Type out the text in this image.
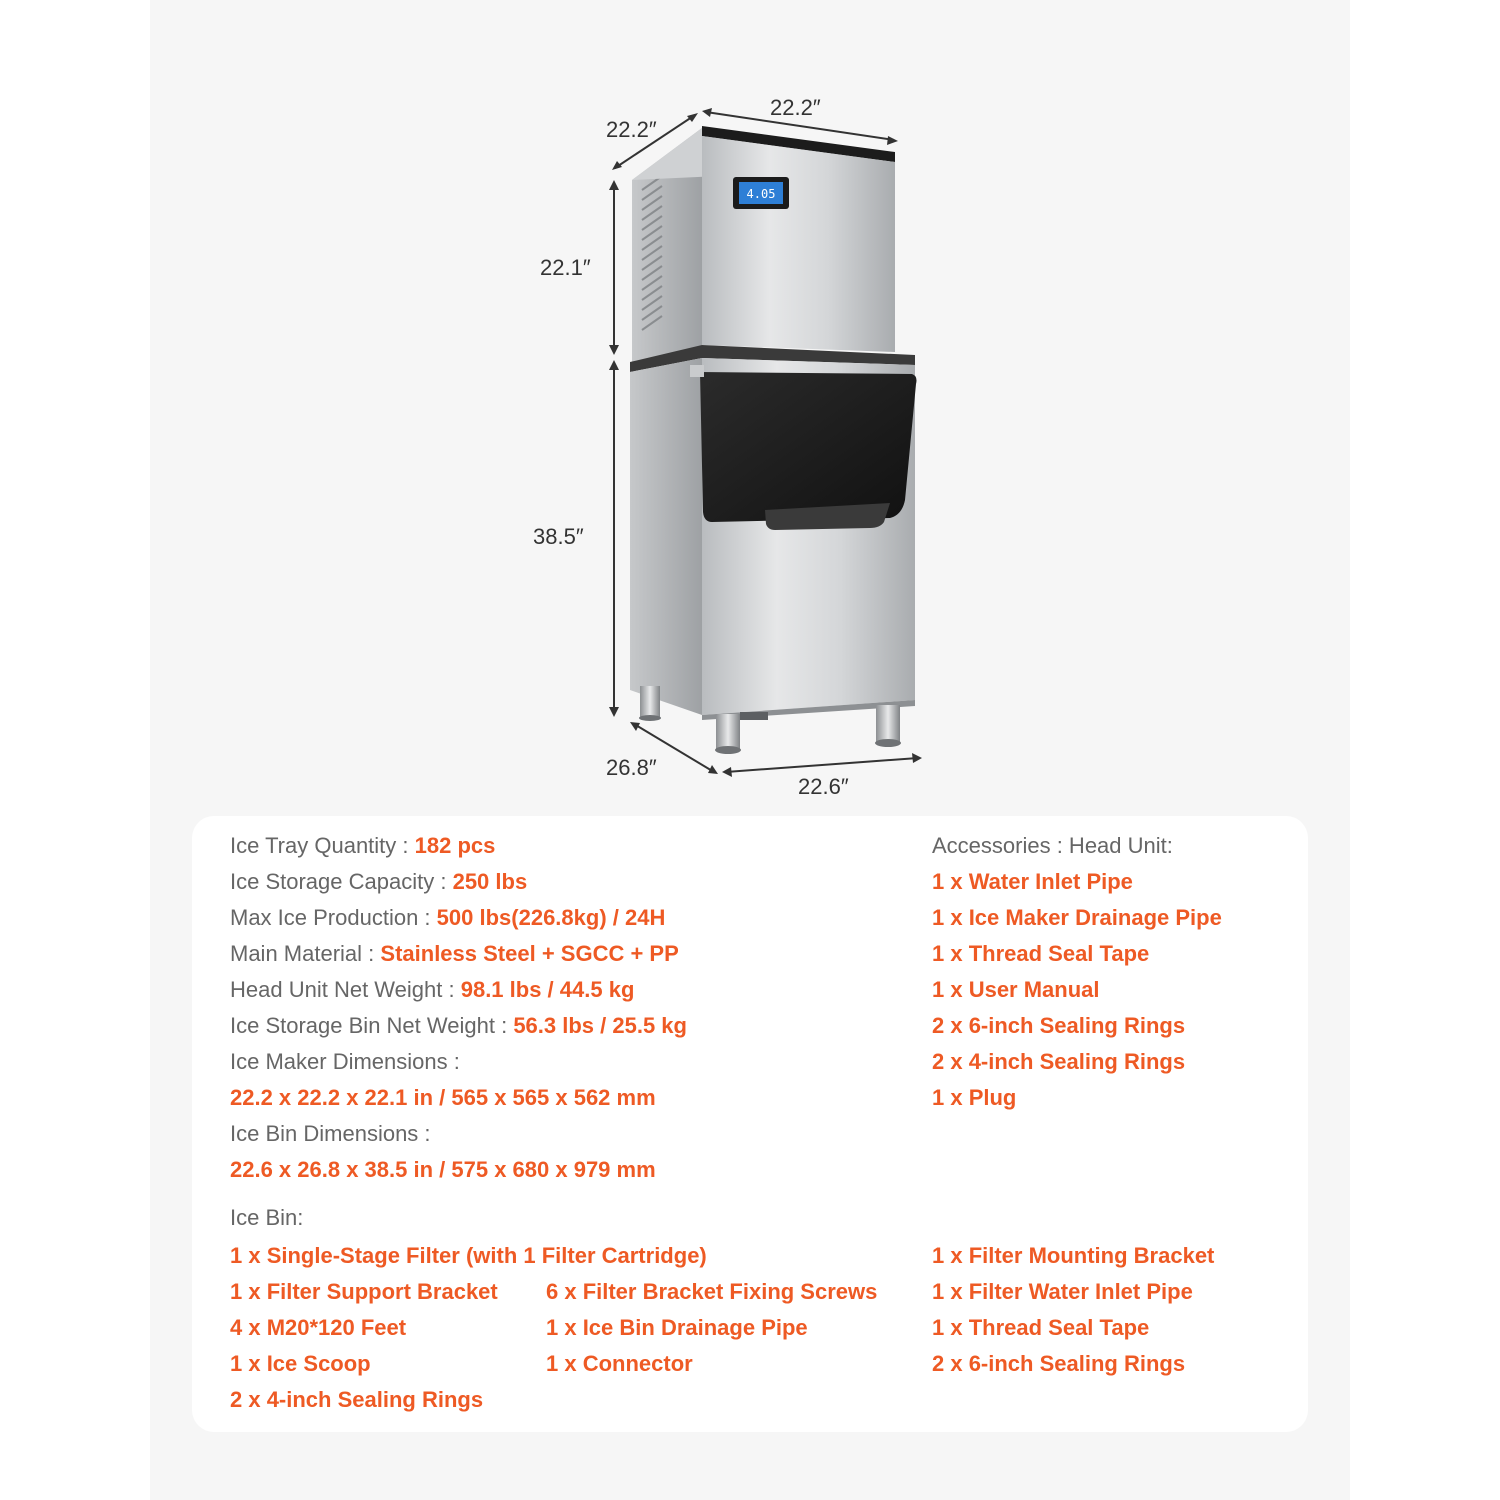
4.05
22.2″
22.2″
22.1″
38.5″
26.8″
22.6″
Ice Tray Quantity : 182 pcs
Ice Storage Capacity : 250 lbs
Max Ice Production : 500 lbs(226.8kg) / 24H
Main Material : Stainless Steel + SGCC + PP
Head Unit Net Weight : 98.1 lbs / 44.5 kg
Ice Storage Bin Net Weight : 56.3 lbs / 25.5 kg
Ice Maker Dimensions :
22.2 x 22.2 x 22.1 in / 565 x 565 x 562 mm
Ice Bin Dimensions :
22.6 x 26.8 x 38.5 in / 575 x 680 x 979 mm
Accessories : Head Unit:
1 x Water Inlet Pipe
1 x Ice Maker Drainage Pipe
1 x Thread Seal Tape
1 x User Manual
2 x 6-inch Sealing Rings
2 x 4-inch Sealing Rings
1 x Plug
Ice Bin:
1 x Single-Stage Filter (with 1 Filter Cartridge)
1 x Filter Support Bracket
4 x M20*120 Feet
1 x Ice Scoop
2 x 4-inch Sealing Rings
6 x Filter Bracket Fixing Screws
1 x Ice Bin Drainage Pipe
1 x Connector
1 x Filter Mounting Bracket
1 x Filter Water Inlet Pipe
1 x Thread Seal Tape
2 x 6-inch Sealing Rings
